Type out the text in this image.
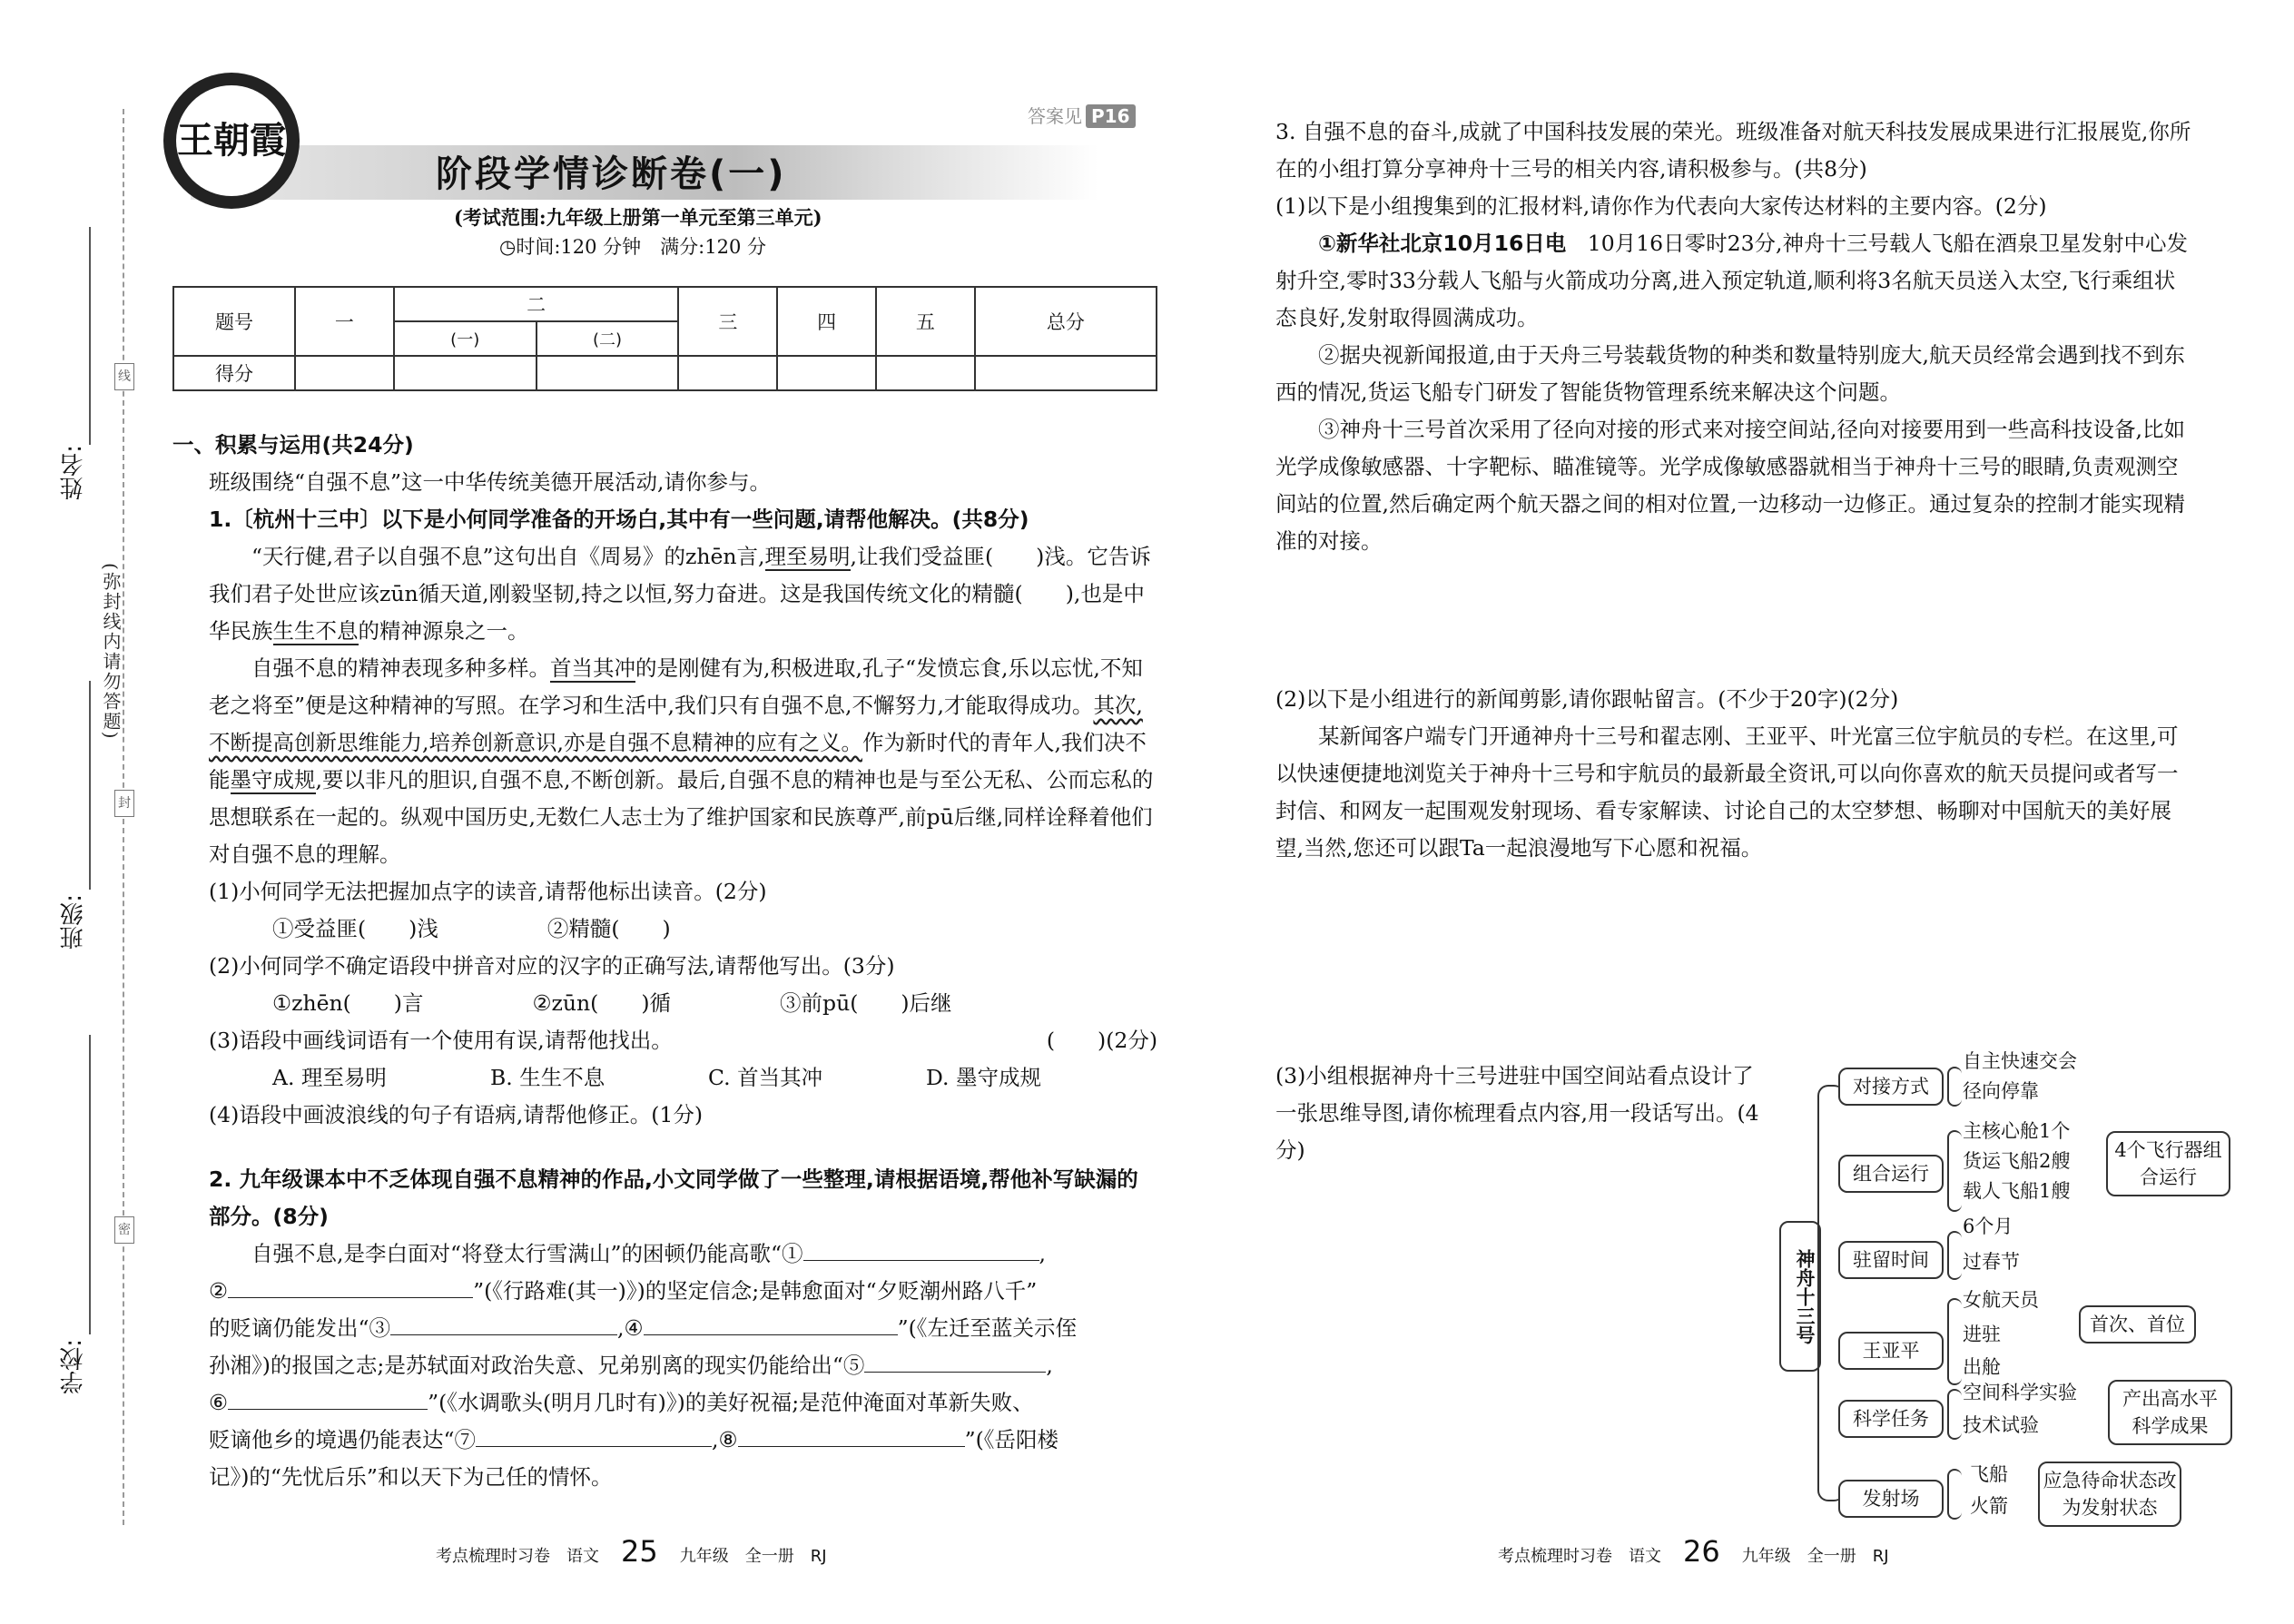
线
封
密
(弥封线内请勿答题)
姓名:
班级:
学校:
王朝霞
答案见 P16
阶段学情诊断卷(一)
(考试范围:九年级上册第一单元至第三单元)
◷时间:120 分钟　满分:120 分
题号	一	二		三	四	五	总分
		(一)	(二)				
得分							

一、积累与运用(共24分)

班级围绕“自强不息”这一中华传统美德开展活动,请你参与。

1.〔杭州十三中〕以下是小何同学准备的开场白,其中有一些问题,请帮他解决。(共8分)

“天行健,君子以自强不息”这句出自《周易》的zhēn言,理至易明,让我们受益匪(　　)浅。它告诉我们君子处世应该zūn循天道,刚毅坚韧,持之以恒,努力奋进。这是我国传统文化的精髓(　　),也是中华民族生生不息的精神源泉之一。

自强不息的精神表现多种多样。首当其冲的是刚健有为,积极进取,孔子“发愤忘食,乐以忘忧,不知老之将至”便是这种精神的写照。在学习和生活中,我们只有自强不息,不懈努力,才能取得成功。其次,不断提高创新思维能力,培养创新意识,亦是自强不息精神的应有之义。作为新时代的青年人,我们决不能墨守成规,要以非凡的胆识,自强不息,不断创新。最后,自强不息的精神也是与至公无私、公而忘私的思想联系在一起的。纵观中国历史,无数仁人志士为了维护国家和民族尊严,前pū后继,同样诠释着他们对自强不息的理解。

(1)小何同学无法把握加点字的读音,请帮他标出读音。(2分)

①受益匪(　　)浅	②精髓(　　)

(2)小何同学不确定语段中拼音对应的汉字的正确写法,请帮他写出。(3分)

①zhēn(　　)言	②zūn(　　)循	③前pū(　　)后继

(3)语段中画线词语有一个使用有误,请帮他找出。	(　　)(2分)

A. 理至易明	B. 生生不息	C. 首当其冲	D. 墨守成规

(4)语段中画波浪线的句子有语病,请帮他修正。(1分)

2. 九年级课本中不乏体现自强不息精神的作品,小文同学做了一些整理,请根据语境,帮他补写缺漏的部分。(8分)

自强不息,是李白面对“将登太行雪满山”的困顿仍能高歌“①	,

②	”(《行路难(其一)》)的坚定信念;是韩愈面对“夕贬潮州路八千”

的贬谪仍能发出“③	,④	”(《左迁至蓝关示侄

孙湘》)的报国之志;是苏轼面对政治失意、兄弟别离的现实仍能给出“⑤	,

⑥	”(《水调歌头(明月几时有)》)的美好祝福;是范仲淹面对革新失败、

贬谪他乡的境遇仍能表达“⑦	,⑧	”(《岳阳楼

记》)的“先忧后乐”和以天下为己任的情怀。

考点梳理时习卷　语文 25 九年级　全一册　RJ

3. 自强不息的奋斗,成就了中国科技发展的荣光。班级准备对航天科技发展成果进行汇报展览,你所在的小组打算分享神舟十三号的相关内容,请积极参与。(共8分)

(1)以下是小组搜集到的汇报材料,请你作为代表向大家传达材料的主要内容。(2分)

①新华社北京10月16日电　10月16日零时23分,神舟十三号载人飞船在酒泉卫星发射中心发射升空,零时33分载人飞船与火箭成功分离,进入预定轨道,顺利将3名航天员送入太空,飞行乘组状态良好,发射取得圆满成功。

②据央视新闻报道,由于天舟三号装载货物的种类和数量特别庞大,航天员经常会遇到找不到东西的情况,货运飞船专门研发了智能货物管理系统来解决这个问题。

③神舟十三号首次采用了径向对接的形式来对接空间站,径向对接要用到一些高科技设备,比如光学成像敏感器、十字靶标、瞄准镜等。光学成像敏感器就相当于神舟十三号的眼睛,负责观测空间站的位置,然后确定两个航天器之间的相对位置,一边移动一边修正。通过复杂的控制才能实现精准的对接。

(2)以下是小组进行的新闻剪影,请你跟帖留言。(不少于20字)(2分)

某新闻客户端专门开通神舟十三号和翟志刚、王亚平、叶光富三位宇航员的专栏。在这里,可以快速便捷地浏览关于神舟十三号和宇航员的最新最全资讯,可以向你喜欢的航天员提问或者写一封信、和网友一起围观发射现场、看专家解读、讨论自己的太空梦想、畅聊对中国航天的美好展望,当然,您还可以跟Ta一起浪漫地写下心愿和祝福。

(3)小组根据神舟十三号进驻中国空间站看点设计了一张思维导图,请你梳理看点内容,用一段话写出。(4分)
神舟十三号
对接方式
自主快速交会
径向停靠
组合运行
主核心舱1个
货运飞船2艘
载人飞船1艘
4个飞行器组合运行
驻留时间
6个月
过春节
王亚平
女航天员
进驻
出舱
首次、首位
科学任务
空间科学实验
技术试验
产出高水平科学成果
发射场
飞船
火箭
应急待命状态改为发射状态
考点梳理时习卷　语文 26 九年级　全一册　RJ
